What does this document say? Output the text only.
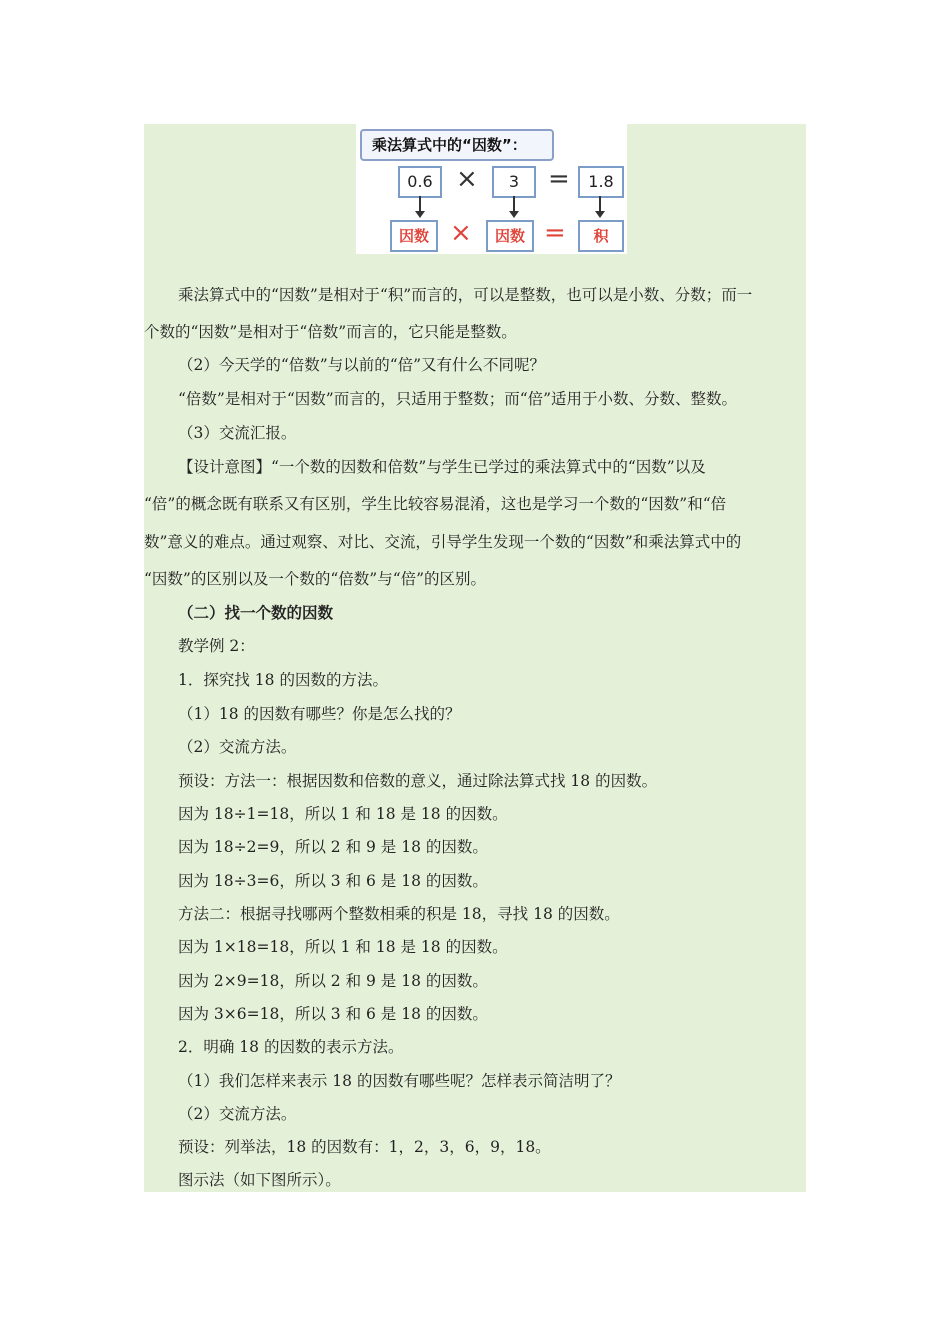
乘法算式中的“因数”：
0.6 ×	3	=	1.8
因数 ×	因数 =	积
乘法算式中的“因数”是相对于“积”而言的，可以是整数，也可以是小数、分数；而一
个数的“因数”是相对于“倍数”而言的，它只能是整数。
（2）今天学的“倍数”与以前的“倍”又有什么不同呢？
“倍数”是相对于“因数”而言的，只适用于整数；而“倍”适用于小数、分数、整数。
（3）交流汇报。
【设计意图】“一个数的因数和倍数”与学生已学过的乘法算式中的“因数”以及
“倍”的概念既有联系又有区别，学生比较容易混淆，这也是学习一个数的“因数”和“倍
数”意义的难点。通过观察、对比、交流，引导学生发现一个数的“因数”和乘法算式中的
“因数”的区别以及一个数的“倍数”与“倍”的区别。
（二）找一个数的因数
教学例 2：
1．探究找 18 的因数的方法。
（1）18 的因数有哪些？你是怎么找的？
（2）交流方法。
预设：方法一：根据因数和倍数的意义，通过除法算式找 18 的因数。
因为 18÷1=18，所以 1 和 18 是 18 的因数。
因为 18÷2=9，所以 2 和 9 是 18 的因数。
因为 18÷3=6，所以 3 和 6 是 18 的因数。
方法二：根据寻找哪两个整数相乘的积是 18，寻找 18 的因数。
因为 1×18=18，所以 1 和 18 是 18 的因数。
因为 2×9=18，所以 2 和 9 是 18 的因数。
因为 3×6=18，所以 3 和 6 是 18 的因数。
2．明确 18 的因数的表示方法。
（1）我们怎样来表示 18 的因数有哪些呢？怎样表示简洁明了？
（2）交流方法。
预设：列举法，18 的因数有：1，2，3，6，9，18。
图示法（如下图所示）。
